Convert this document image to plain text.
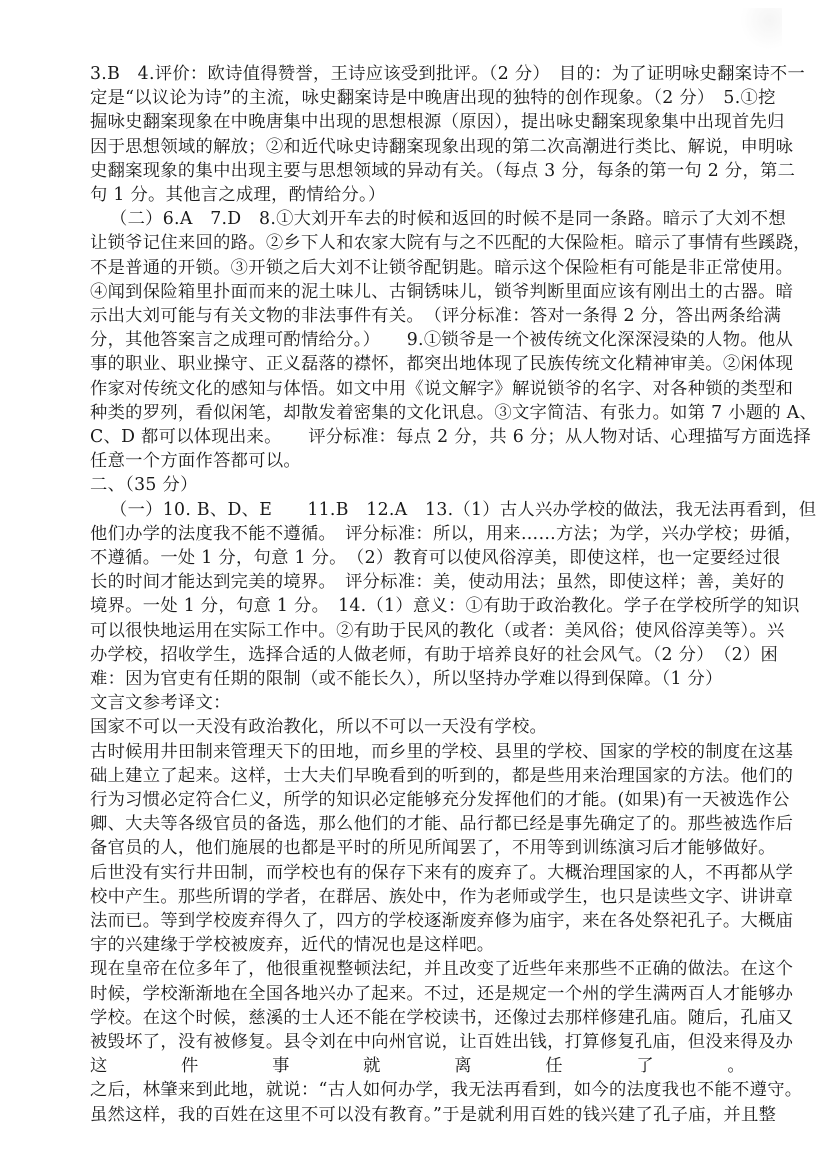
3.B　4.评价：欧诗值得赞誉，王诗应该受到批评。（2 分）　目的：为了证明咏史翻案诗不一
定是“以议论为诗”的主流，咏史翻案诗是中晚唐出现的独特的创作现象。（2 分）　5.①挖
掘咏史翻案现象在中晚唐集中出现的思想根源（原因），提出咏史翻案现象集中出现首先归
因于思想领域的解放；②和近代咏史诗翻案现象出现的第二次高潮进行类比、解说，申明咏
史翻案现象的集中出现主要与思想领域的异动有关。（每点 3 分，每条的第一句 2 分，第二
句 1 分。其他言之成理，酌情给分。）
（二）6.A　7.D　8.①大刘开车去的时候和返回的时候不是同一条路。暗示了大刘不想
让锁爷记住来回的路。②乡下人和农家大院有与之不匹配的大保险柜。暗示了事情有些蹊跷，
不是普通的开锁。③开锁之后大刘不让锁爷配钥匙。暗示这个保险柜有可能是非正常使用。
④闻到保险箱里扑面而来的泥土味儿、古铜锈味儿，锁爷判断里面应该有刚出土的古器。暗
示出大刘可能与有关文物的非法事件有关。　（评分标准：答对一条得 2 分，答出两条给满
分，其他答案言之成理可酌情给分。）　　9.①锁爷是一个被传统文化深深浸染的人物。他从
事的职业、职业操守、正义磊落的襟怀，都突出地体现了民族传统文化精神审美。②闲体现
作家对传统文化的感知与体悟。如文中用《说文解字》解说锁爷的名字、对各种锁的类型和
种类的罗列，看似闲笔，却散发着密集的文化讯息。③文字简洁、有张力。如第 7 小题的 A、
C、D 都可以体现出来。　　评分标准：每点 2 分，共 6 分；从人物对话、心理描写方面选择
任意一个方面作答都可以。
二、（35 分）
（一）10. B、D、E　　11.B　12.A　13.（1）古人兴办学校的做法，我无法再看到，但
他们办学的法度我不能不遵循。　评分标准：所以，用来……方法；为学，兴办学校；毋循，
不遵循。一处 1 分，句意 1 分。　（2）教育可以使风俗淳美，即使这样，也一定要经过很
长的时间才能达到完美的境界。　评分标准：美，使动用法；虽然，即使这样；善，美好的
境界。一处 1 分，句意 1 分。　14.（1）意义：①有助于政治教化。学子在学校所学的知识
可以很快地运用在实际工作中。②有助于民风的教化（或者：美风俗；使风俗淳美等）。兴
办学校，招收学生，选择合适的人做老师，有助于培养良好的社会风气。（2 分）　（2）困
难：因为官吏有任期的限制（或不能长久），所以坚持办学难以得到保障。（1 分）
文言文参考译文：
国家不可以一天没有政治教化，所以不可以一天没有学校。
古时候用井田制来管理天下的田地，而乡里的学校、县里的学校、国家的学校的制度在这基
础上建立了起来。这样，士大夫们早晚看到的听到的，都是些用来治理国家的方法。他们的
行为习惯必定符合仁义，所学的知识必定能够充分发挥他们的才能。(如果)有一天被选作公
卿、大夫等各级官员的备选，那么他们的才能、品行都已经是事先确定了的。那些被选作后
备官员的人，他们施展的也都是平时的所见所闻罢了，不用等到训练演习后才能够做好。
后世没有实行井田制，而学校也有的保存下来有的废弃了。大概治理国家的人，不再都从学
校中产生。那些所谓的学者，在群居、族处中，作为老师或学生，也只是读些文字、讲讲章
法而已。等到学校废弃得久了，四方的学校逐渐废弃修为庙宇，来在各处祭祀孔子。大概庙
宇的兴建缘于学校被废弃，近代的情况也是这样吧。
现在皇帝在位多年了，他很重视整顿法纪，并且改变了近些年来那些不正确的做法。在这个
时候，学校渐渐地在全国各地兴办了起来。不过，还是规定一个州的学生满两百人才能够办
学校。在这个时候，慈溪的士人还不能在学校读书，还像过去那样修建孔庙。随后，孔庙又
被毁坏了，没有被修复。县令刘在中向州官说，让百姓出钱，打算修复孔庙，但没来得及办
这件事就离任了。
之后，林肇来到此地，就说：“古人如何办学，我无法再看到，如今的法度我也不能不遵守。
虽然这样，我的百姓在这里不可以没有教育。”于是就利用百姓的钱兴建了孔子庙，并且整
